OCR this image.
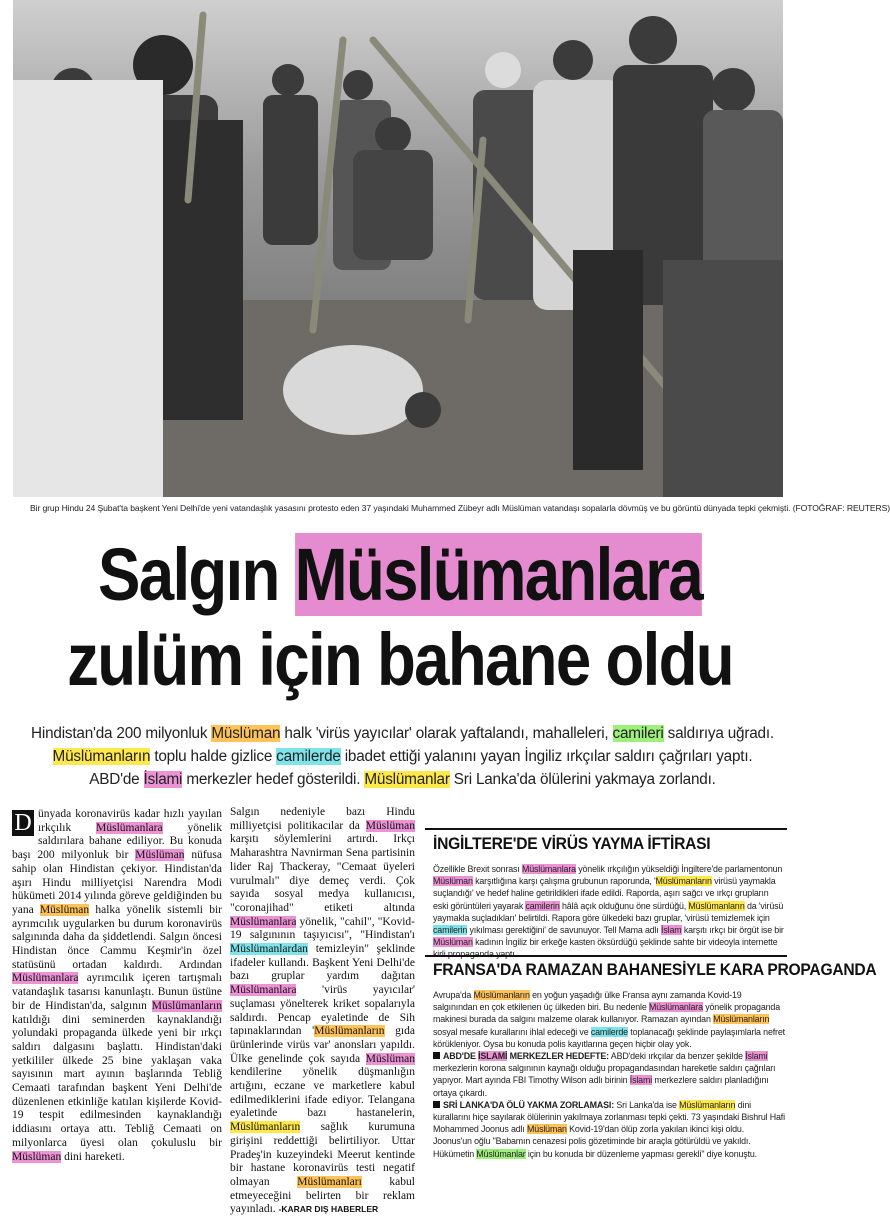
Bir grup Hindu 24 Şubat'ta başkent Yeni Delhi'de yeni vatandaşlık yasasını protesto eden 37 yaşındaki Muhammed Zübeyr adlı Müslüman vatandaşı sopalarla dövmüş ve bu görüntü dünyada tepki çekmişti. (FOTOĞRAF: REUTERS)
Salgın Müslümanlara
zulüm için bahane oldu
Hindistan'da 200 milyonluk Müslüman halk 'virüs yayıcılar' olarak yaftalandı, mahalleleri, camileri saldırıya uğradı. Müslümanların toplu halde gizlice camilerde ibadet ettiği yalanını yayan İngiliz ırkçılar saldırı çağrıları yaptı. ABD'de İslami merkezler hedef gösterildi. Müslümanlar Sri Lanka'da ölülerini yakmaya zorlandı.
D ünyada koronavirüs kadar hızlı yayılan ırkçılık Müslümanlara yönelik saldırılara bahane ediliyor. Bu konuda başı 200 milyonluk bir Müslüman nüfusa sahip olan Hindistan çekiyor. Hindistan'da aşırı Hindu milliyetçisi Narendra Modi hükümeti 2014 yılında göreve geldiğinden bu yana Müslüman halka yönelik sistemli bir ayrımcılık uygularken bu durum koronavirüs salgınında daha da şiddetlendi. Salgın öncesi Hindistan önce Cammu Keşmir'in özel statüsünü ortadan kaldırdı. Ardından Müslümanlara ayrımcılık içeren tartışmalı vatandaşlık tasarısı kanunlaştı. Bunun üstüne bir de Hindistan'da, salgının Müslümanların katıldığı dini seminerden kaynaklandığı yolundaki propaganda ülkede yeni bir ırkçı saldırı dalgasını başlattı. Hindistan'daki yetkililer ülkede 25 bine yaklaşan vaka sayısının mart ayının başlarında Tebliğ Cemaati tarafından başkent Yeni Delhi'de düzenlenen etkinliğe katılan kişilerde Kovid-19 tespit edilmesinden kaynaklandığı iddiasını ortaya attı. Tebliğ Cemaati on milyonlarca üyesi olan çokuluslu bir Müslüman dini hareketi.
Salgın nedeniyle bazı Hindu milliyetçisi politikacılar da Müslüman karşıtı söylemlerini artırdı. Irkçı Maharashtra Navnirman Sena partisinin lider Raj Thackeray, "Cemaat üyeleri vurulmalı" diye demeç verdi. Çok sayıda sosyal medya kullanıcısı, "coronajihad" etiketi altında Müslümanlara yönelik, "cahil", "Kovid-19 salgınının taşıyıcısı", "Hindistan'ı Müslümanlardan temizleyin" şeklinde ifadeler kullandı. Başkent Yeni Delhi'de bazı gruplar yardım dağıtan Müslümanlara 'virüs yayıcılar' suçlaması yönelterek kriket sopalarıyla saldırdı. Pencap eyaletinde de Sih tapınaklarından 'Müslümanların gıda ürünlerinde virüs var' anonsları yapıldı. Ülke genelinde çok sayıda Müslüman kendilerine yönelik düşmanlığın artığını, eczane ve marketlere kabul edilmediklerini ifade ediyor. Telangana eyaletinde bazı hastanelerin, Müslümanların sağlık kurumuna girişini reddettiği belirtiliyor. Uttar Pradeş'in kuzeyindeki Meerut kentinde bir hastane koronavirüs testi negatif olmayan Müslümanları kabul etmeyeceğini belirten bir reklam yayınladı. -KARAR DIŞ HABERLER
İNGİLTERE'DE VİRÜS YAYMA İFTİRASI
Özellikle Brexit sonrası Müslümanlara yönelik ırkçılığın yükseldiği İngiltere'de parlamentonun Müslüman karşıtlığına karşı çalışma grubunun raporunda, 'Müslümanların virüsü yaymakla suçlandığı' ve hedef haline getirildikleri ifade edildi. Raporda, aşırı sağcı ve ırkçı grupların eski görüntüleri yayarak camilerin hâlâ açık olduğunu öne sürdüğü, Müslümanların da 'virüsü yaymakla suçladıkları' belirtildi. Rapora göre ülkedeki bazı gruplar, 'virüsü temizlemek için camilerin yıkılması gerektiğini' de savunuyor. Tell Mama adlı İslam karşıtı ırkçı bir örgüt ise bir Müslüman kadının İngiliz bir erkeğe kasten öksürdüğü şeklinde sahte bir videoyla internette
FRANSA'DA RAMAZAN BAHANESİYLE KARA PROPAGANDA
Avrupa'da Müslümanların en yoğun yaşadığı ülke Fransa aynı zamanda Kovid-19 salgınından en çok etkilenen üç ülkeden biri. Bu nedenle Müslümanlara yönelik propaganda makinesi burada da salgını malzeme olarak kullanıyor. Ramazan ayından Müslümanların sosyal mesafe kurallarını ihlal edeceği ve camilerde toplanacağı şeklinde paylaşımlarla nefret körükleniyor. Oysa bu konuda polis kayıtlarına geçen hiçbir olay yok.
ABD'DE İSLAMİ MERKEZLER HEDEFTE: ABD'deki ırkçılar da benzer şekilde İslami merkezlerin korona salgınının kaynağı olduğu propagandasından hareketle saldırı çağrıları yapıyor. Mart ayında FBI Timothy Wilson adlı birinin İslami merkezlere saldırı planladığını ortaya çıkardı.
SRİ LANKA'DA ÖLÜ YAKMA ZORLAMASI: Sri Lanka'da ise Müslümanların dini kurallarını hiçe sayılarak ölülerinin yakılmaya zorlanması tepki çekti. 73 yaşındaki Bishrul Hafi Mohammed Joonus adlı Müslüman Kovid-19'dan ölüp zorla yakılan ikinci kişi oldu. Joonus'un oğlu "Babamın cenazesi polis gözetiminde bir araçla götürüldü ve yakıldı. Hükümetin Müslümanlar için bu konuda bir düzenleme yapması gerekli" diye konuştu.
